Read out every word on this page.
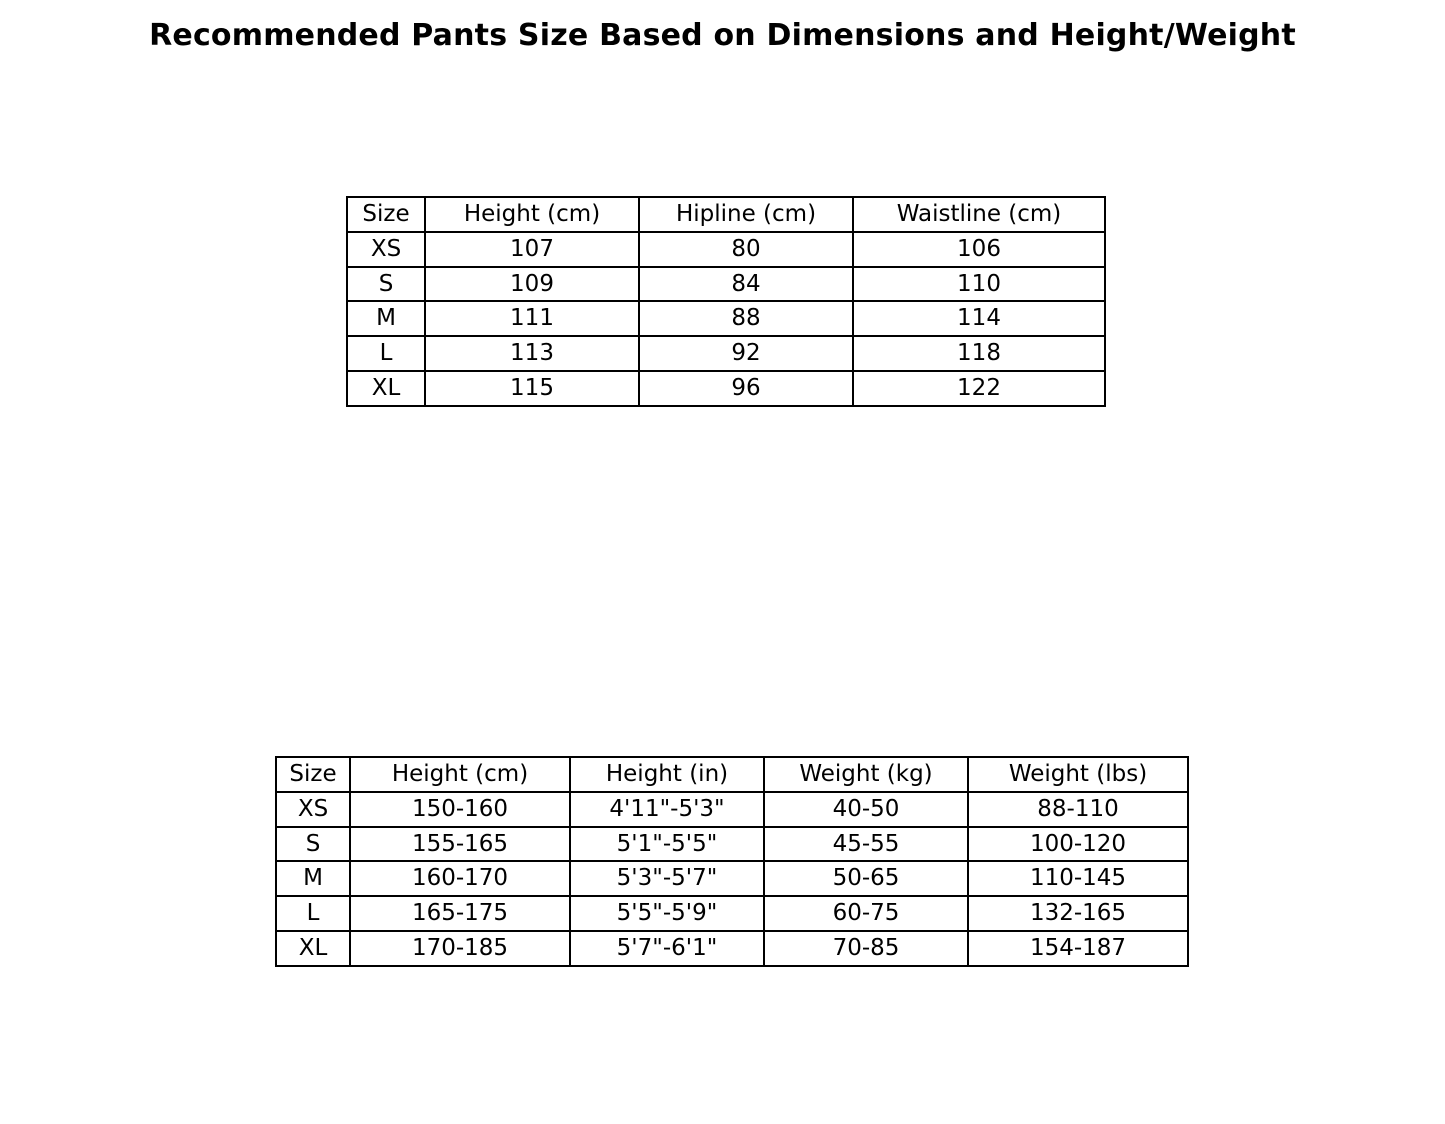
Recommended Pants Size Based on Dimensions and Height/Weight
Size	Height (cm)	Hipline (cm)	Waistline (cm)
XS	107	80	106
S	109	84	110
M	111	88	114
L	113	92	118
XL	115	96	122
Size	Height (cm)	Height (in)	Weight (kg)	Weight (lbs)
XS	150-160	4'11"-5'3"	40-50	88-110
S	155-165	5'1"-5'5"	45-55	100-120
M	160-170	5'3"-5'7"	50-65	110-145
L	165-175	5'5"-5'9"	60-75	132-165
XL	170-185	5'7"-6'1"	70-85	154-187
